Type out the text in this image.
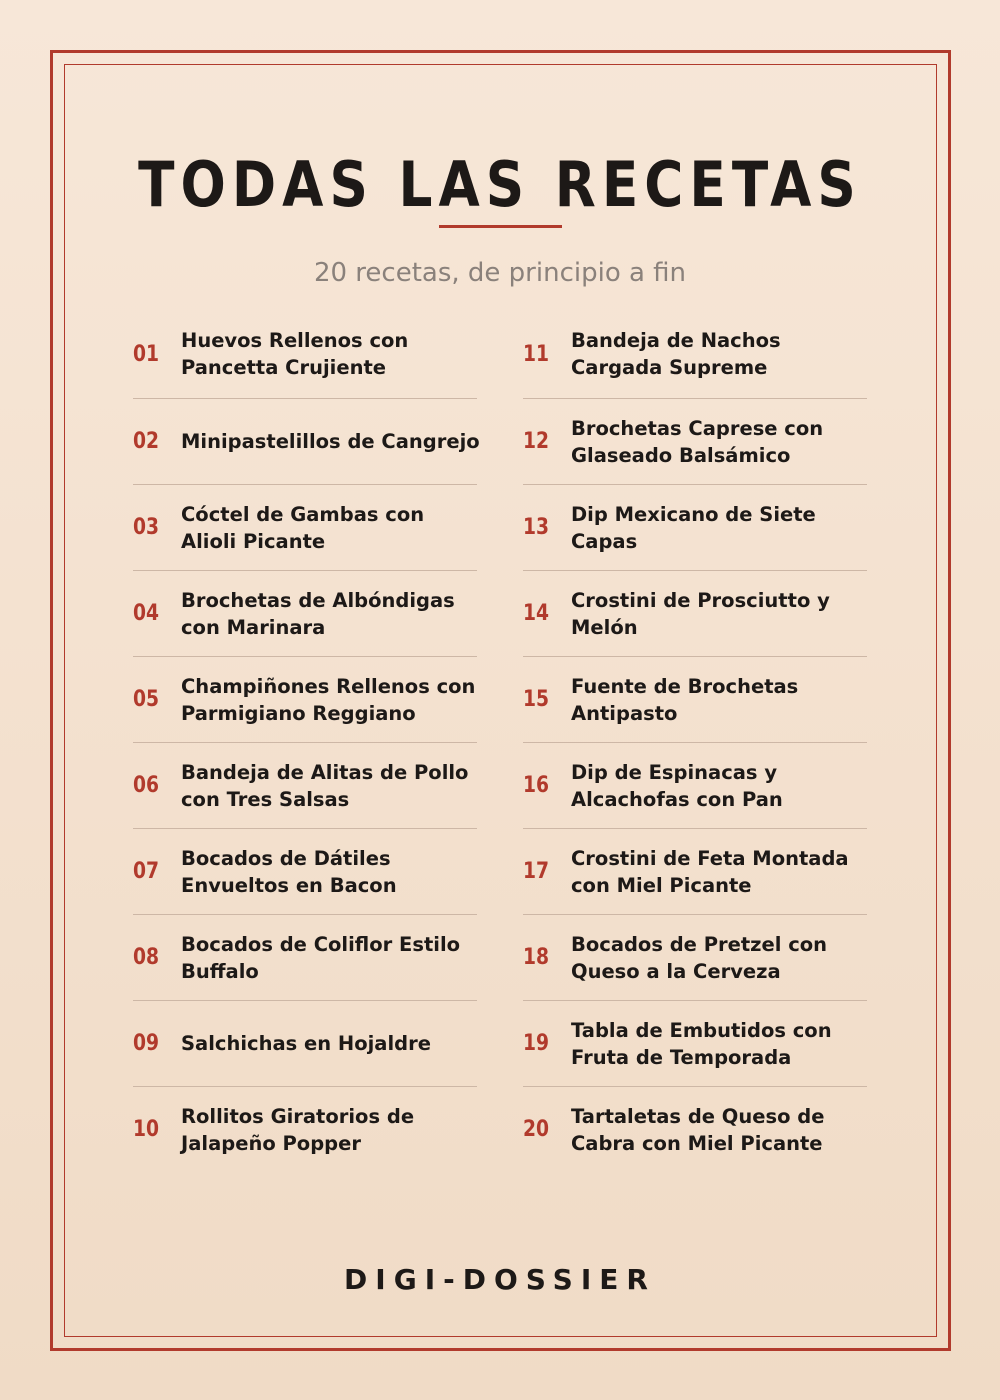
TODAS LAS RECETAS
20 recetas, de principio a fin
01
Huevos Rellenos con Pancetta Crujiente
02 Minipastelillos de Cangrejo
03
Cóctel de Gambas con Alioli Picante
04
Brochetas de Albóndigas con Marinara
05
Champiñones Rellenos con Parmigiano Reggiano
06
Bandeja de Alitas de Pollo con Tres Salsas
07
Bocados de Dátiles Envueltos en Bacon
08
Bocados de Coliflor Estilo Buffalo
09 Salchichas en Hojaldre
10
Rollitos Giratorios de Jalapeño Popper
11
Bandeja de Nachos Cargada Supreme
12
Brochetas Caprese con Glaseado Balsámico
13
Dip Mexicano de Siete Capas
14
Crostini de Prosciutto y Melón
15
Fuente de Brochetas Antipasto
16
Dip de Espinacas y Alcachofas con Pan
17
Crostini de Feta Montada con Miel Picante
18
Bocados de Pretzel con Queso a la Cerveza
19
Tabla de Embutidos con Fruta de Temporada
20
Tartaletas de Queso de Cabra con Miel Picante
DIGI-DOSSIER
